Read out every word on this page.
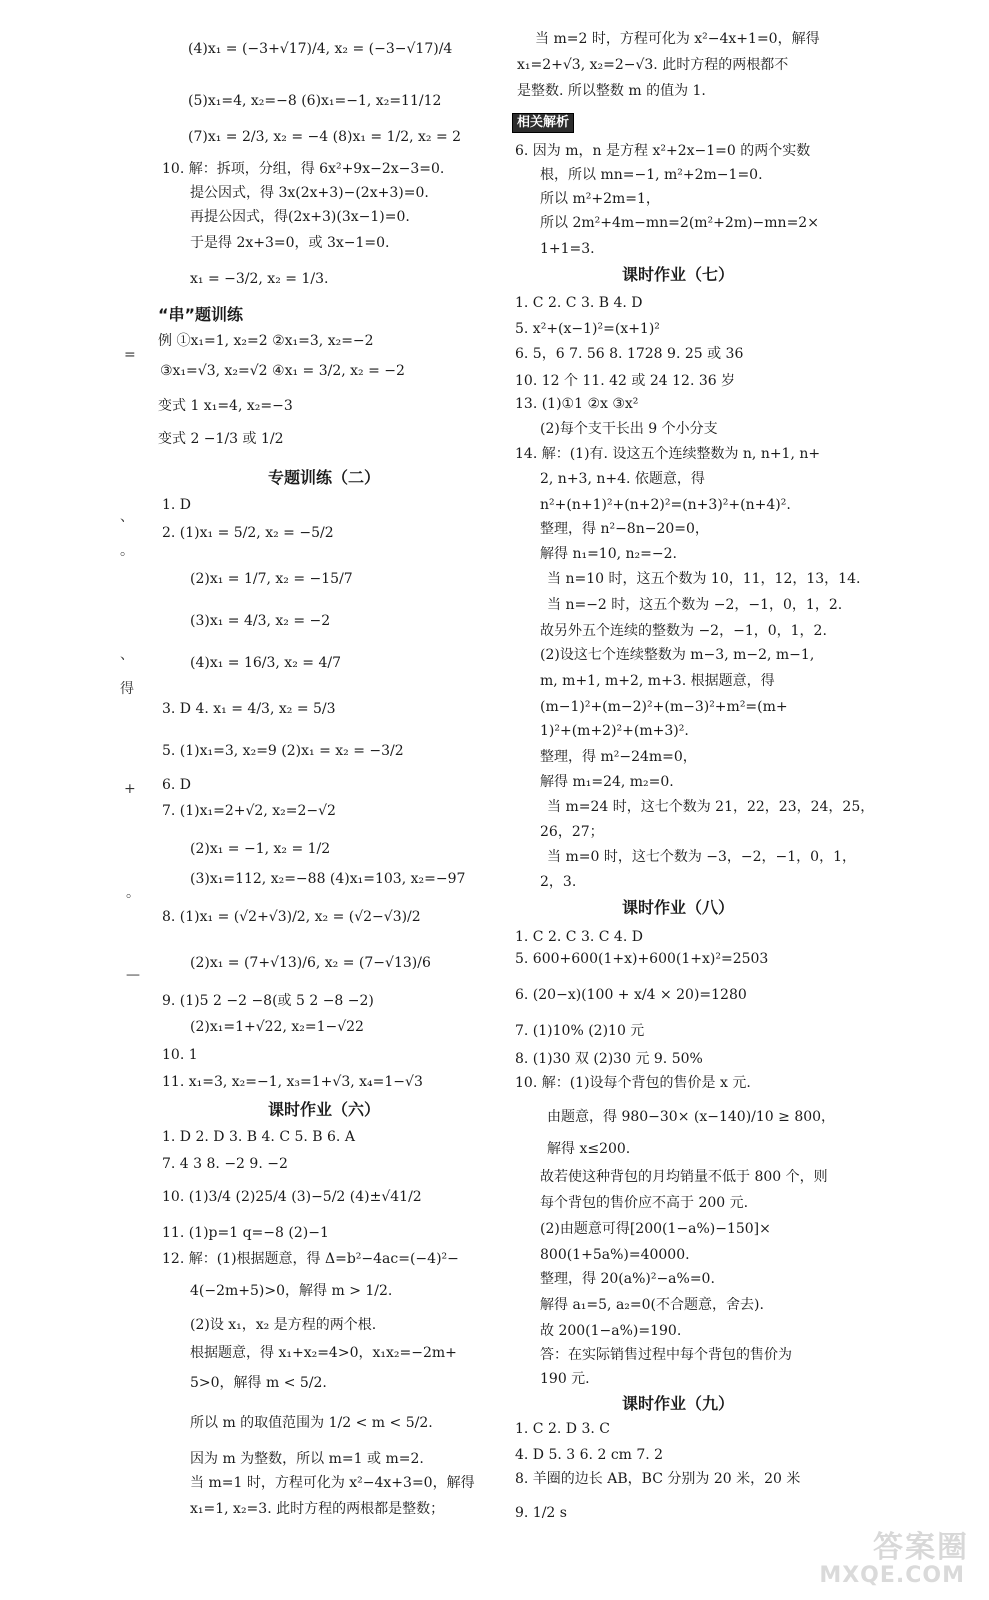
(4)x₁ = (−3+√17)/4, x₂ = (−3−√17)/4
(5)x₁=4, x₂=−8 (6)x₁=−1, x₂=11/12
(7)x₁ = 2/3, x₂ = −4 (8)x₁ = 1/2, x₂ = 2
10. 解：拆项，分组，得 6x²+9x−2x−3=0.
提公因式，得 3x(2x+3)−(2x+3)=0.
再提公因式，得(2x+3)(3x−1)=0.
于是得 2x+3=0，或 3x−1=0.
x₁ = −3/2, x₂ = 1/3.
“串”题训练
例 ①x₁=1, x₂=2 ②x₁=3, x₂=−2
③x₁=√3, x₂=√2 ④x₁ = 3/2, x₂ = −2
变式 1 x₁=4, x₂=−3
变式 2 −1/3 或 1/2
专题训练（二）
1. D
2. (1)x₁ = 5/2, x₂ = −5/2
(2)x₁ = 1/7, x₂ = −15/7
(3)x₁ = 4/3, x₂ = −2
(4)x₁ = 16/3, x₂ = 4/7
3. D 4. x₁ = 4/3, x₂ = 5/3
5. (1)x₁=3, x₂=9 (2)x₁ = x₂ = −3/2
6. D
7. (1)x₁=2+√2, x₂=2−√2
(2)x₁ = −1, x₂ = 1/2
(3)x₁=112, x₂=−88 (4)x₁=103, x₂=−97
8. (1)x₁ = (√2+√3)/2, x₂ = (√2−√3)/2
(2)x₁ = (7+√13)/6, x₂ = (7−√13)/6
9. (1)5 2 −2 −8(或 5 2 −8 −2)
(2)x₁=1+√22, x₂=1−√22
10. 1
11. x₁=3, x₂=−1, x₃=1+√3, x₄=1−√3
课时作业（六）
1. D 2. D 3. B 4. C 5. B 6. A
7. 4 3 8. −2 9. −2
10. (1)3/4 (2)25/4 (3)−5/2 (4)±√41/2
11. (1)p=1 q=−8 (2)−1
12. 解：(1)根据题意，得 Δ=b²−4ac=(−4)²−
4(−2m+5)>0，解得 m > 1/2.
(2)设 x₁，x₂ 是方程的两个根.
根据题意，得 x₁+x₂=4>0，x₁x₂=−2m+
5>0，解得 m < 5/2.
所以 m 的取值范围为 1/2 < m < 5/2.
因为 m 为整数，所以 m=1 或 m=2.
当 m=1 时，方程可化为 x²−4x+3=0，解得
x₁=1, x₂=3. 此时方程的两根都是整数；
=
、
。
、
得
+
。
—
当 m=2 时，方程可化为 x²−4x+1=0，解得
x₁=2+√3, x₂=2−√3. 此时方程的两根都不
是整数. 所以整数 m 的值为 1.
6. 因为 m，n 是方程 x²+2x−1=0 的两个实数
根，所以 mn=−1, m²+2m−1=0.
所以 m²+2m=1，
所以 2m²+4m−mn=2(m²+2m)−mn=2×
1+1=3.
课时作业（七）
1. C 2. C 3. B 4. D
5. x²+(x−1)²=(x+1)²
6. 5，6 7. 56 8. 1728 9. 25 或 36
10. 12 个 11. 42 或 24 12. 36 岁
13. (1)①1 ②x ③x²
(2)每个支干长出 9 个小分支
14. 解：(1)有. 设这五个连续整数为 n, n+1, n+
2, n+3, n+4. 依题意，得
n²+(n+1)²+(n+2)²=(n+3)²+(n+4)².
整理，得 n²−8n−20=0，
解得 n₁=10, n₂=−2.
当 n=10 时，这五个数为 10，11，12，13，14.
当 n=−2 时，这五个数为 −2，−1，0，1，2.
故另外五个连续的整数为 −2，−1，0，1，2.
(2)设这七个连续整数为 m−3, m−2, m−1,
m, m+1, m+2, m+3. 根据题意，得
(m−1)²+(m−2)²+(m−3)²+m²=(m+
1)²+(m+2)²+(m+3)².
整理，得 m²−24m=0，
解得 m₁=24, m₂=0.
当 m=24 时，这七个数为 21，22，23，24，25，
26，27；
当 m=0 时，这七个数为 −3，−2，−1，0，1，
2，3.
课时作业（八）
1. C 2. C 3. C 4. D
5. 600+600(1+x)+600(1+x)²=2503
6. (20−x)(100 + x/4 × 20)=1280
7. (1)10% (2)10 元
8. (1)30 双 (2)30 元 9. 50%
10. 解：(1)设每个背包的售价是 x 元.
由题意，得 980−30× (x−140)/10 ≥ 800，
解得 x≤200.
故若使这种背包的月均销量不低于 800 个，则
每个背包的售价应不高于 200 元.
(2)由题意可得[200(1−a%)−150]×
800(1+5a%)=40000.
整理，得 20(a%)²−a%=0.
解得 a₁=5, a₂=0(不合题意，舍去).
故 200(1−a%)=190.
答：在实际销售过程中每个背包的售价为
190 元.
课时作业（九）
1. C 2. D 3. C
4. D 5. 3 6. 2 cm 7. 2
8. 羊圈的边长 AB，BC 分别为 20 米，20 米
9. 1/2 s
相关解析
答案圈
MXQE.COM
